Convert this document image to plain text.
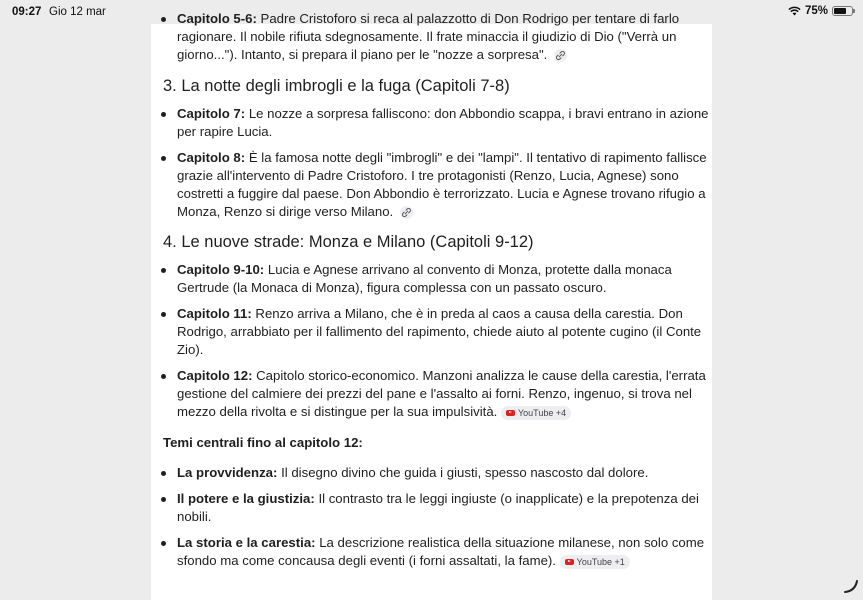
09:27 Gio 12 mar	75%

Capitolo 5-6: Padre Cristoforo si reca al palazzotto di Don Rodrigo per tentare di farlo ragionare. Il nobile rifiuta sdegnosamente. Il frate minaccia il giudizio di Dio ("Verrà un giorno..."). Intanto, si prepara il piano per le "nozze a sorpresa".

3. La notte degli imbrogli e la fuga (Capitoli 7-8)

Capitolo 7: Le nozze a sorpresa falliscono: don Abbondio scappa, i bravi entrano in azione per rapire Lucia.

Capitolo 8: È la famosa notte degli "imbrogli" e dei "lampi". Il tentativo di rapimento fallisce grazie all'intervento di Padre Cristoforo. I tre protagonisti (Renzo, Lucia, Agnese) sono costretti a fuggire dal paese. Don Abbondio è terrorizzato. Lucia e Agnese trovano rifugio a Monza, Renzo si dirige verso Milano.

4. Le nuove strade: Monza e Milano (Capitoli 9-12)

Capitolo 9-10: Lucia e Agnese arrivano al convento di Monza, protette dalla monaca Gertrude (la Monaca di Monza), figura complessa con un passato oscuro.

Capitolo 11: Renzo arriva a Milano, che è in preda al caos a causa della carestia. Don Rodrigo, arrabbiato per il fallimento del rapimento, chiede aiuto al potente cugino (il Conte Zio).

Capitolo 12: Capitolo storico-economico. Manzoni analizza le cause della carestia, l'errata gestione del calmiere dei prezzi del pane e l'assalto ai forni. Renzo, ingenuo, si trova nel mezzo della rivolta e si distingue per la sua impulsività. YouTube +4

Temi centrali fino al capitolo 12:

La provvidenza: Il disegno divino che guida i giusti, spesso nascosto dal dolore.

Il potere e la giustizia: Il contrasto tra le leggi ingiuste (o inapplicate) e la prepotenza dei nobili.

La storia e la carestia: La descrizione realistica della situazione milanese, non solo come sfondo ma come concausa degli eventi (i forni assaltati, la fame). YouTube +1
